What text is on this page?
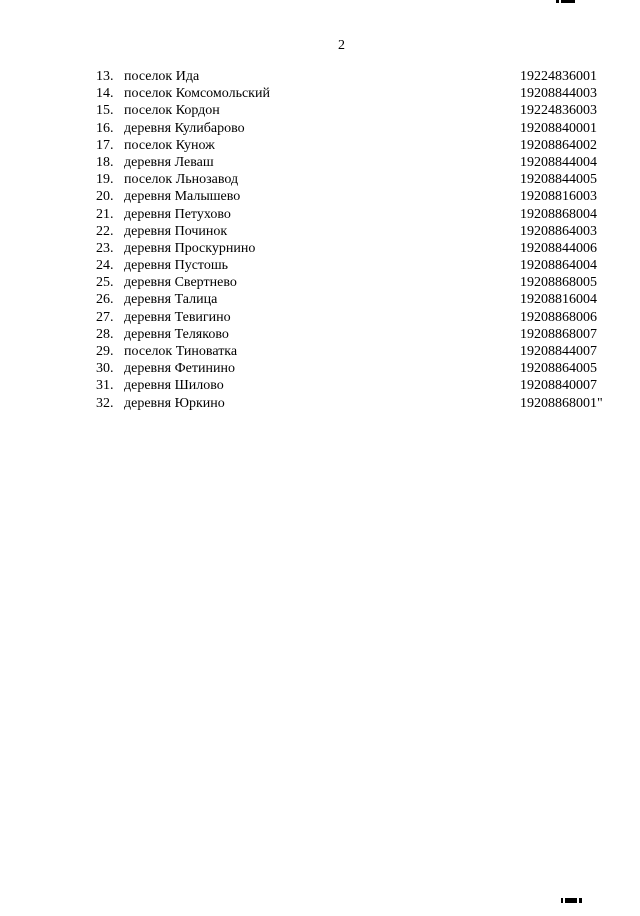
2
13. поселок Ида	19224836001
14. поселок Комсомольский	19208844003
15. поселок Кордон	19224836003
16. деревня Кулибарово	19208840001
17. поселок Кунож	19208864002
18. деревня Леваш	19208844004
19. поселок Льнозавод	19208844005
20. деревня Малышево	19208816003
21. деревня Петухово	19208868004
22. деревня Починок	19208864003
23. деревня Проскурнино	19208844006
24. деревня Пустошь	19208864004
25. деревня Свертнево	19208868005
26. деревня Талица	19208816004
27. деревня Тевигино	19208868006
28. деревня Теляково	19208868007
29. поселок Тиноватка	19208844007
30. деревня Фетинино	19208864005
31. деревня Шилово	19208840007
32. деревня Юркино	19208868001"
